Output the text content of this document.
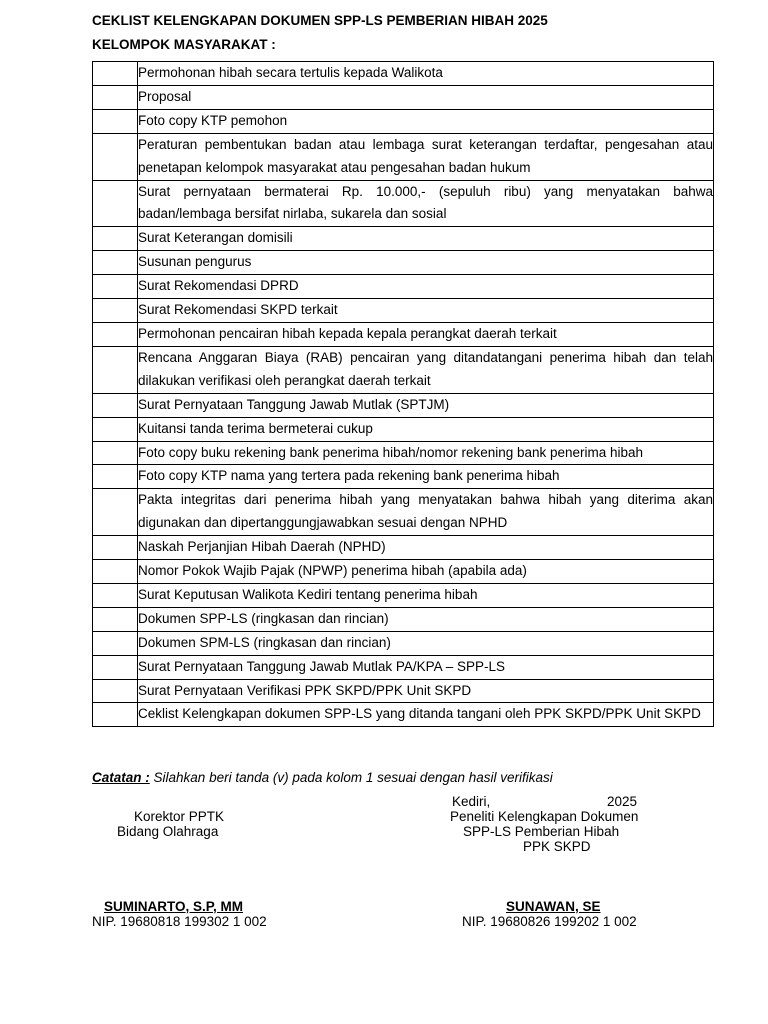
CEKLIST KELENGKAPAN DOKUMEN SPP-LS PEMBERIAN HIBAH 2025
KELOMPOK MASYARAKAT :
	Permohonan hibah secara tertulis kepada Walikota
	Proposal
	Foto copy KTP pemohon
	Peraturan pembentukan badan atau lembaga surat keterangan terdaftar, pengesahan atau penetapan kelompok masyarakat atau pengesahan badan hukum
	Surat pernyataan bermaterai Rp. 10.000,- (sepuluh ribu) yang menyatakan bahwa badan/lembaga bersifat nirlaba, sukarela dan sosial
	Surat Keterangan domisili
	Susunan pengurus
	Surat Rekomendasi DPRD
	Surat Rekomendasi SKPD terkait
	Permohonan pencairan hibah kepada kepala perangkat daerah terkait
	Rencana Anggaran Biaya (RAB) pencairan yang ditandatangani penerima hibah dan telah dilakukan verifikasi oleh perangkat daerah terkait
	Surat Pernyataan Tanggung Jawab Mutlak (SPTJM)
	Kuitansi tanda terima bermeterai cukup
	Foto copy buku rekening bank penerima hibah/nomor rekening bank penerima hibah
	Foto copy KTP nama yang tertera pada rekening bank penerima hibah
	Pakta integritas dari penerima hibah yang menyatakan bahwa hibah yang diterima akan digunakan dan dipertanggungjawabkan sesuai dengan NPHD
	Naskah Perjanjian Hibah Daerah (NPHD)
	Nomor Pokok Wajib Pajak (NPWP) penerima hibah (apabila ada)
	Surat Keputusan Walikota Kediri tentang penerima hibah
	Dokumen SPP-LS (ringkasan dan rincian)
	Dokumen SPM-LS (ringkasan dan rincian)
	Surat Pernyataan Tanggung Jawab Mutlak PA/KPA – SPP-LS
	Surat Pernyataan Verifikasi PPK SKPD/PPK Unit SKPD
	Ceklist Kelengkapan dokumen SPP-LS yang ditanda tangani oleh PPK SKPD/PPK Unit SKPD
Catatan : Silahkan beri tanda (v) pada kolom 1 sesuai dengan hasil verifikasi
Kediri,	2025
Korektor PPTK
Bidang Olahraga
SUMINARTO, S.P, MM
NIP. 19680818 199302 1 002
Peneliti Kelengkapan Dokumen
SPP-LS Pemberian Hibah
PPK SKPD
SUNAWAN, SE
NIP. 19680826 199202 1 002
